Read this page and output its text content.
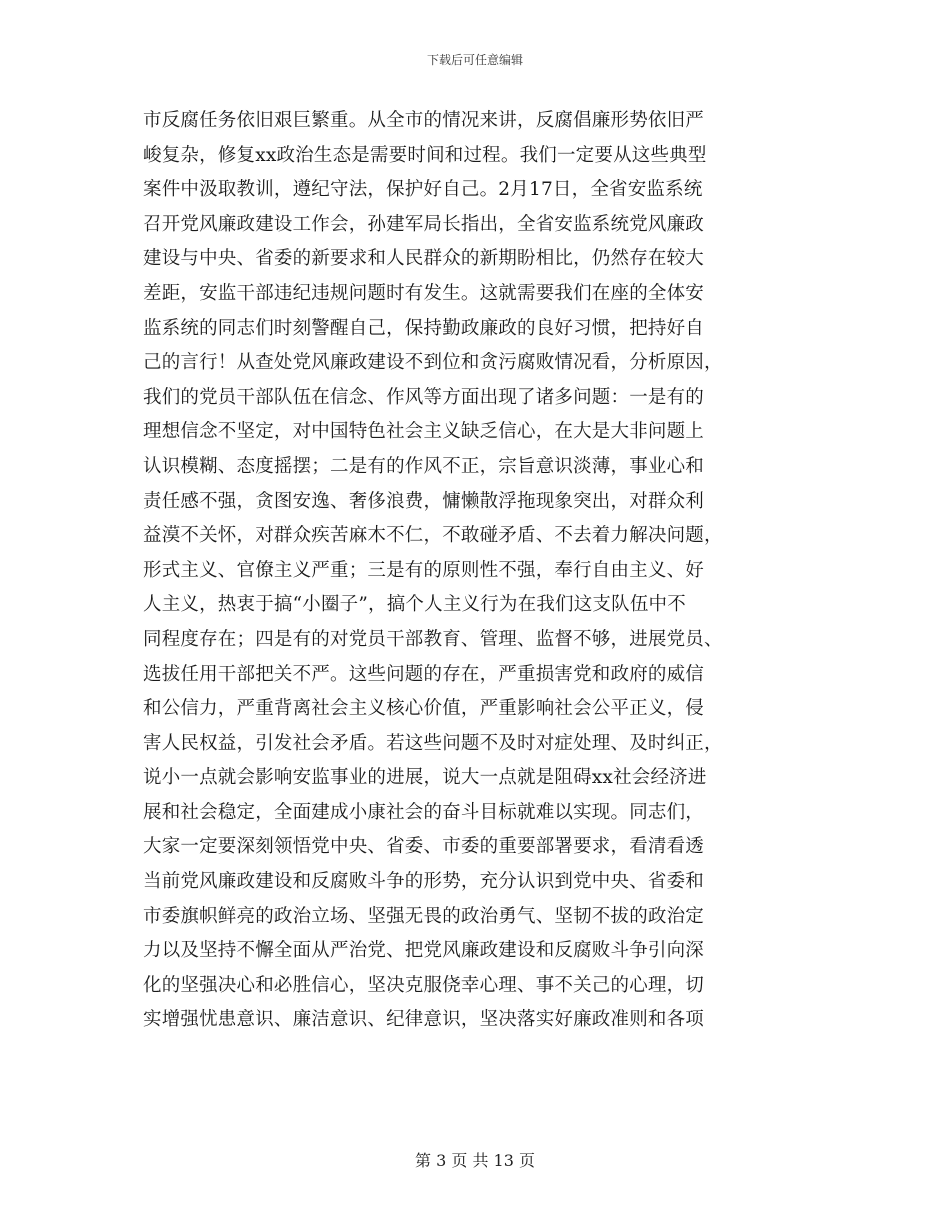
下载后可任意编辑
市反腐任务依旧艰巨繁重。从全市的情况来讲，反腐倡廉形势依旧严
峻复杂，修复xx政治生态是需要时间和过程。我们一定要从这些典型
案件中汲取教训，遵纪守法，保护好自己。2月17日，全省安监系统
召开党风廉政建设工作会，孙建军局长指出，全省安监系统党风廉政
建设与中央、省委的新要求和人民群众的新期盼相比，仍然存在较大
差距，安监干部违纪违规问题时有发生。这就需要我们在座的全体安
监系统的同志们时刻警醒自己，保持勤政廉政的良好习惯，把持好自
己的言行！从查处党风廉政建设不到位和贪污腐败情况看，分析原因，
我们的党员干部队伍在信念、作风等方面出现了诸多问题：一是有的
理想信念不坚定，对中国特色社会主义缺乏信心，在大是大非问题上
认识模糊、态度摇摆；二是有的作风不正，宗旨意识淡薄，事业心和
责任感不强，贪图安逸、奢侈浪费，慵懒散浮拖现象突出，对群众利
益漠不关怀，对群众疾苦麻木不仁，不敢碰矛盾、不去着力解决问题，
形式主义、官僚主义严重；三是有的原则性不强，奉行自由主义、好
人主义，热衷于搞“小圈子”，搞个人主义行为在我们这支队伍中不
同程度存在；四是有的对党员干部教育、管理、监督不够，进展党员、
选拔任用干部把关不严。这些问题的存在，严重损害党和政府的威信
和公信力，严重背离社会主义核心价值，严重影响社会公平正义，侵
害人民权益，引发社会矛盾。若这些问题不及时对症处理、及时纠正，
说小一点就会影响安监事业的进展，说大一点就是阻碍xx社会经济进
展和社会稳定，全面建成小康社会的奋斗目标就难以实现。同志们，
大家一定要深刻领悟党中央、省委、市委的重要部署要求，看清看透
当前党风廉政建设和反腐败斗争的形势，充分认识到党中央、省委和
市委旗帜鲜亮的政治立场、坚强无畏的政治勇气、坚韧不拔的政治定
力以及坚持不懈全面从严治党、把党风廉政建设和反腐败斗争引向深
化的坚强决心和必胜信心，坚决克服侥幸心理、事不关己的心理，切
实增强忧患意识、廉洁意识、纪律意识，坚决落实好廉政准则和各项
第 3 页 共 13 页
